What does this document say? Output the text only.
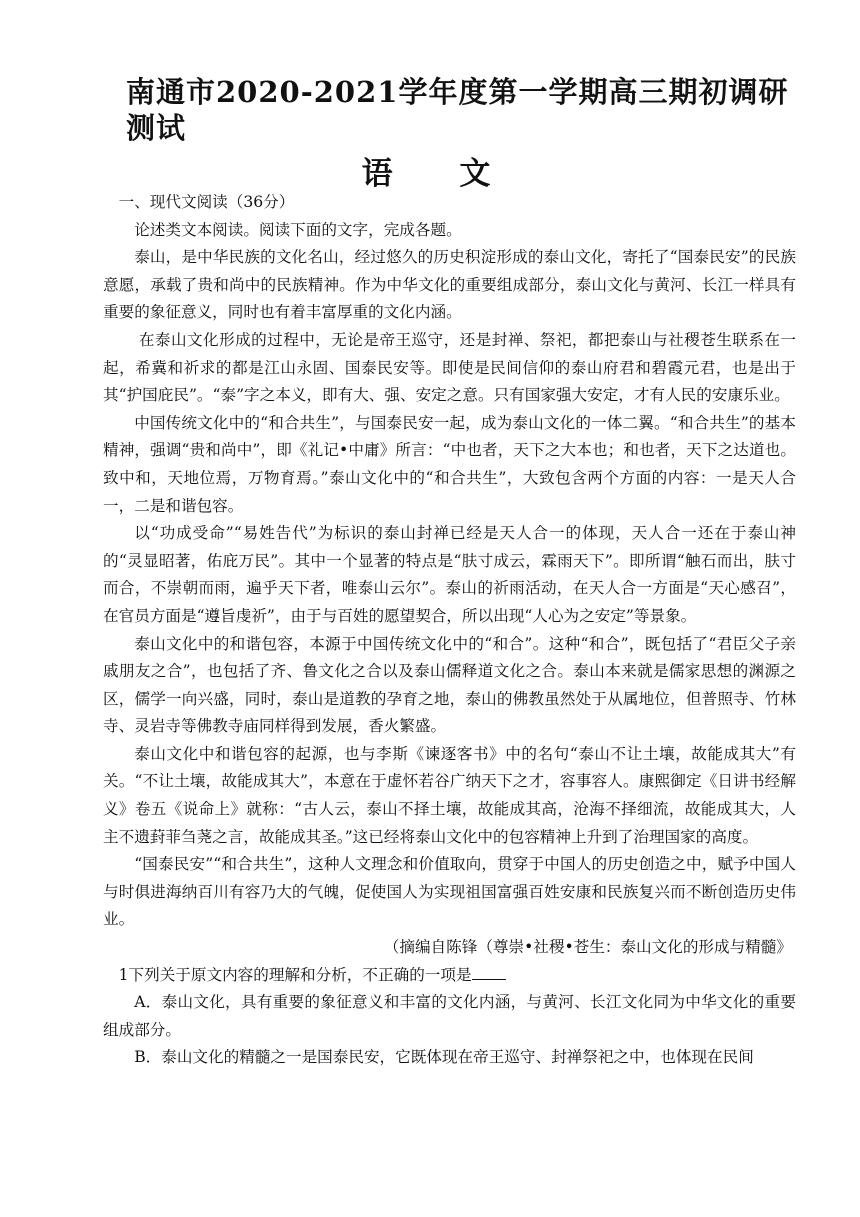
南通市2020-2021学年度第一学期高三期初调研测试
语 文

一、现代文阅读（36分）

论述类文本阅读。阅读下面的文字，完成各题。

泰山，是中华民族的文化名山，经过悠久的历史积淀形成的泰山文化，寄托了“国泰民安”的民族意愿，承载了贵和尚中的民族精神。作为中华文化的重要组成部分，泰山文化与黄河、长江一样具有重要的象征意义，同时也有着丰富厚重的文化内涵。

在泰山文化形成的过程中，无论是帝王巡守，还是封禅、祭祀，都把泰山与社稷苍生联系在一起，希冀和祈求的都是江山永固、国泰民安等。即使是民间信仰的泰山府君和碧霞元君，也是出于其“护国庇民”。“泰”字之本义，即有大、强、安定之意。只有国家强大安定，才有人民的安康乐业。

中国传统文化中的“和合共生”，与国泰民安一起，成为泰山文化的一体二翼。“和合共生”的基本精神，强调“贵和尚中”，即《礼记•中庸》所言：“中也者，天下之大本也；和也者，天下之达道也。致中和，天地位焉，万物育焉。”泰山文化中的“和合共生”，大致包含两个方面的内容：一是天人合一，二是和谐包容。

以“功成受命”“易姓告代”为标识的泰山封禅已经是天人合一的体现，天人合一还在于泰山神的“灵显昭著，佑庇万民”。其中一个显著的特点是“肤寸成云，霖雨天下”。即所谓“触石而出，肤寸而合，不崇朝而雨，遍乎天下者，唯泰山云尔”。泰山的祈雨活动，在天人合一方面是“天心感召”，在官员方面是“遵旨虔祈”，由于与百姓的愿望契合，所以出现“人心为之安定”等景象。

泰山文化中的和谐包容，本源于中国传统文化中的“和合”。这种“和合”，既包括了“君臣父子亲戚朋友之合”，也包括了齐、鲁文化之合以及泰山儒释道文化之合。泰山本来就是儒家思想的渊源之区，儒学一向兴盛，同时，泰山是道教的孕育之地，泰山的佛教虽然处于从属地位，但普照寺、竹林寺、灵岩寺等佛教寺庙同样得到发展，香火繁盛。

泰山文化中和谐包容的起源，也与李斯《谏逐客书》中的名句“泰山不让土壤，故能成其大”有关。“不让土壤，故能成其大”，本意在于虚怀若谷广纳天下之才，容事容人。康熙御定《日讲书经解义》卷五《说命上》就称：“古人云，泰山不择土壤，故能成其高，沧海不择细流，故能成其大，人主不遗葑菲刍荛之言，故能成其圣。”这已经将泰山文化中的包容精神上升到了治理国家的高度。

“国泰民安”“和合共生”，这种人文理念和价值取向，贯穿于中国人的历史创造之中，赋予中国人与时俱进海纳百川有容乃大的气魄，促使国人为实现祖国富强百姓安康和民族复兴而不断创造历史伟业。

（摘编自陈锋（尊崇•社稷•苍生：泰山文化的形成与精髓》

1下列关于原文内容的理解和分析，不正确的一项是

A．泰山文化，具有重要的象征意义和丰富的文化内涵，与黄河、长江文化同为中华文化的重要组成部分。

B．泰山文化的精髓之一是国泰民安，它既体现在帝王巡守、封禅祭祀之中，也体现在民间
